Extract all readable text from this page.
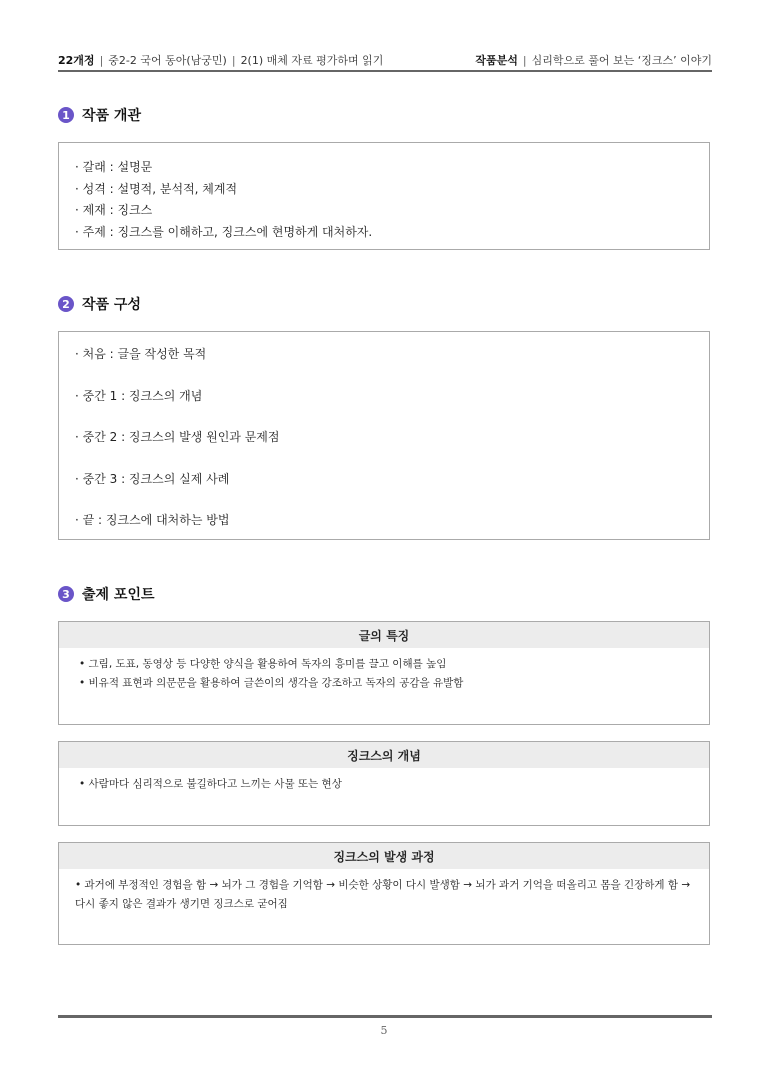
22개정 | 중2-2 국어 동아(남궁민) | 2(1) 매체 자료 평가하며 읽기	작품분석 | 심리학으로 풀어 보는 ‘징크스’ 이야기
1 작품 개관
· 갈래 : 설명문
· 성격 : 설명적, 분석적, 체계적
· 제재 : 징크스
· 주제 : 징크스를 이해하고, 징크스에 현명하게 대처하자.
2 작품 구성
· 처음 : 글을 작성한 목적
· 중간 1 : 징크스의 개념
· 중간 2 : 징크스의 발생 원인과 문제점
· 중간 3 : 징크스의 실제 사례
· 끝 : 징크스에 대처하는 방법
3 출제 포인트
글의 특징
• 그림, 도표, 동영상 등 다양한 양식을 활용하여 독자의 흥미를 끌고 이해를 높임
• 비유적 표현과 의문문을 활용하여 글쓴이의 생각을 강조하고 독자의 공감을 유발함
징크스의 개념
• 사람마다 심리적으로 불길하다고 느끼는 사물 또는 현상
징크스의 발생 과정
• 과거에 부정적인 경험을 함 → 뇌가 그 경험을 기억함 → 비슷한 상황이 다시 발생함 → 뇌가 과거 기억을 떠올리고 몸을 긴장하게 함 → 다시 좋지 않은 결과가 생기면 징크스로 굳어짐
5
